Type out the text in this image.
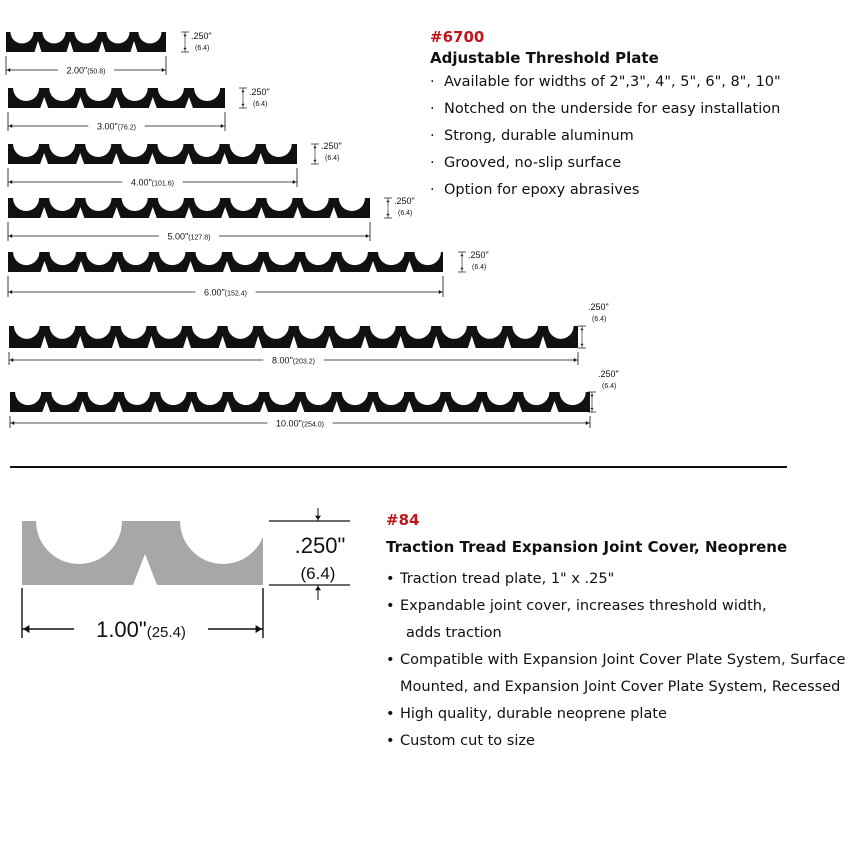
2.00"(50.8)
.250"
(6.4)
3.00"(76.2)
.250"
(6.4)
4.00"(101.6)
.250"
(6.4)
5.00"(127.8)
.250"
(6.4)
6.00"(152.4)
.250"
(6.4)
8.00"(203.2)
.250"
(6.4)
10.00"(254.0)
.250"
(6.4)
1.00"(25.4)
.250"
(6.4)
#6700
Adjustable Threshold Plate
· Available for widths of 2",3", 4", 5", 6", 8", 10"
· Notched on the underside for easy installation
· Strong, durable aluminum
· Grooved, no-slip surface
· Option for epoxy abrasives
#84
Traction Tread Expansion Joint Cover, Neoprene
• Traction tread plate, 1" x .25"
• Expandable joint cover, increases threshold width,
adds traction
• Compatible with Expansion Joint Cover Plate System, Surface
Mounted, and Expansion Joint Cover Plate System, Recessed
• High quality, durable neoprene plate
• Custom cut to size
